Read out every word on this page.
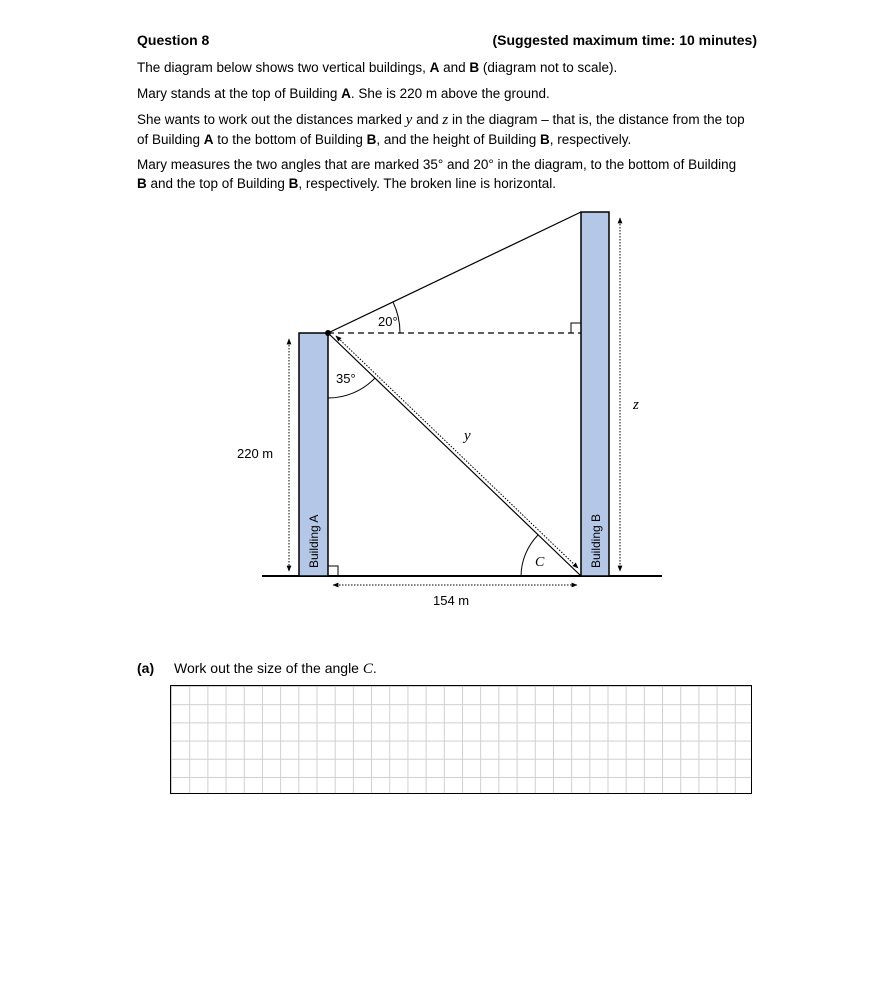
Question 8	(Suggested maximum time: 10 minutes)
The diagram below shows two vertical buildings, A and B (diagram not to scale).
Mary stands at the top of Building A. She is 220 m above the ground.
She wants to work out the distances marked y and z in the diagram – that is, the distance from the top of Building A to the bottom of Building B, and the height of Building B, respectively.
Mary measures the two angles that are marked 35° and 20° in the diagram, to the bottom of Building B and the top of Building B, respectively. The broken line is horizontal.
20°
35°
y
z
C
220 m
154 m
Building A	Building B
(a) Work out the size of the angle C.
